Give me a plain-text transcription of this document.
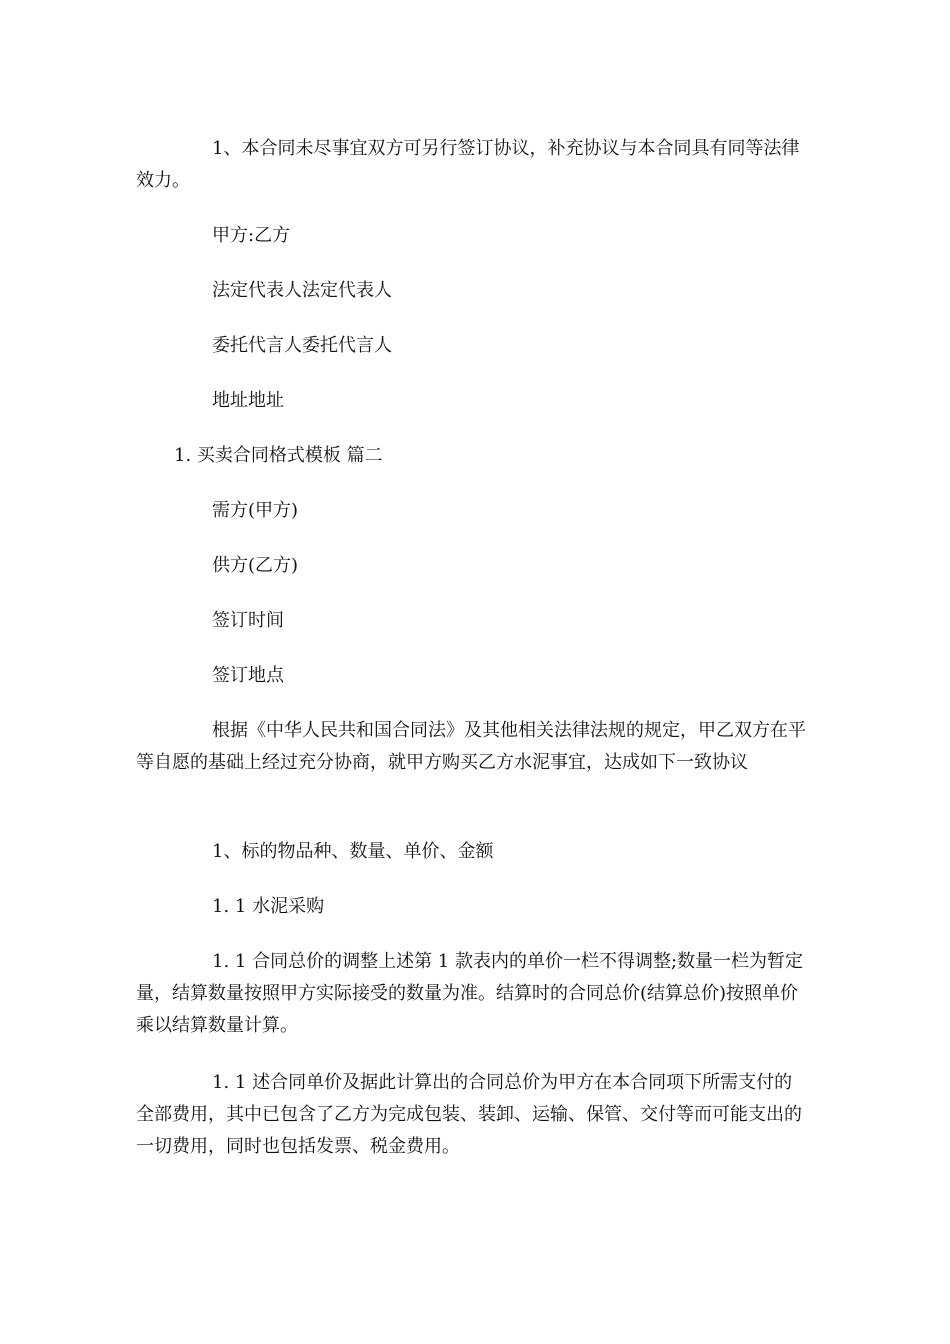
1、本合同未尽事宜双方可另行签订协议，补充协议与本合同具有同等法律效力。

甲方:乙方

法定代表人法定代表人

委托代言人委托代言人

地址地址

1. 买卖合同格式模板 篇二

需方(甲方)

供方(乙方)

签订时间

签订地点

根据《中华人民共和国合同法》及其他相关法律法规的规定，甲乙双方在平等自愿的基础上经过充分协商，就甲方购买乙方水泥事宜，达成如下一致协议

1、标的物品种、数量、单价、金额

1. 1 水泥采购

1. 1 合同总价的调整上述第 1 款表内的单价一栏不得调整;数量一栏为暂定量，结算数量按照甲方实际接受的数量为准。结算时的合同总价(结算总价)按照单价乘以结算数量计算。

1. 1 述合同单价及据此计算出的合同总价为甲方在本合同项下所需支付的全部费用，其中已包含了乙方为完成包装、装卸、运输、保管、交付等而可能支出的一切费用，同时也包括发票、税金费用。
